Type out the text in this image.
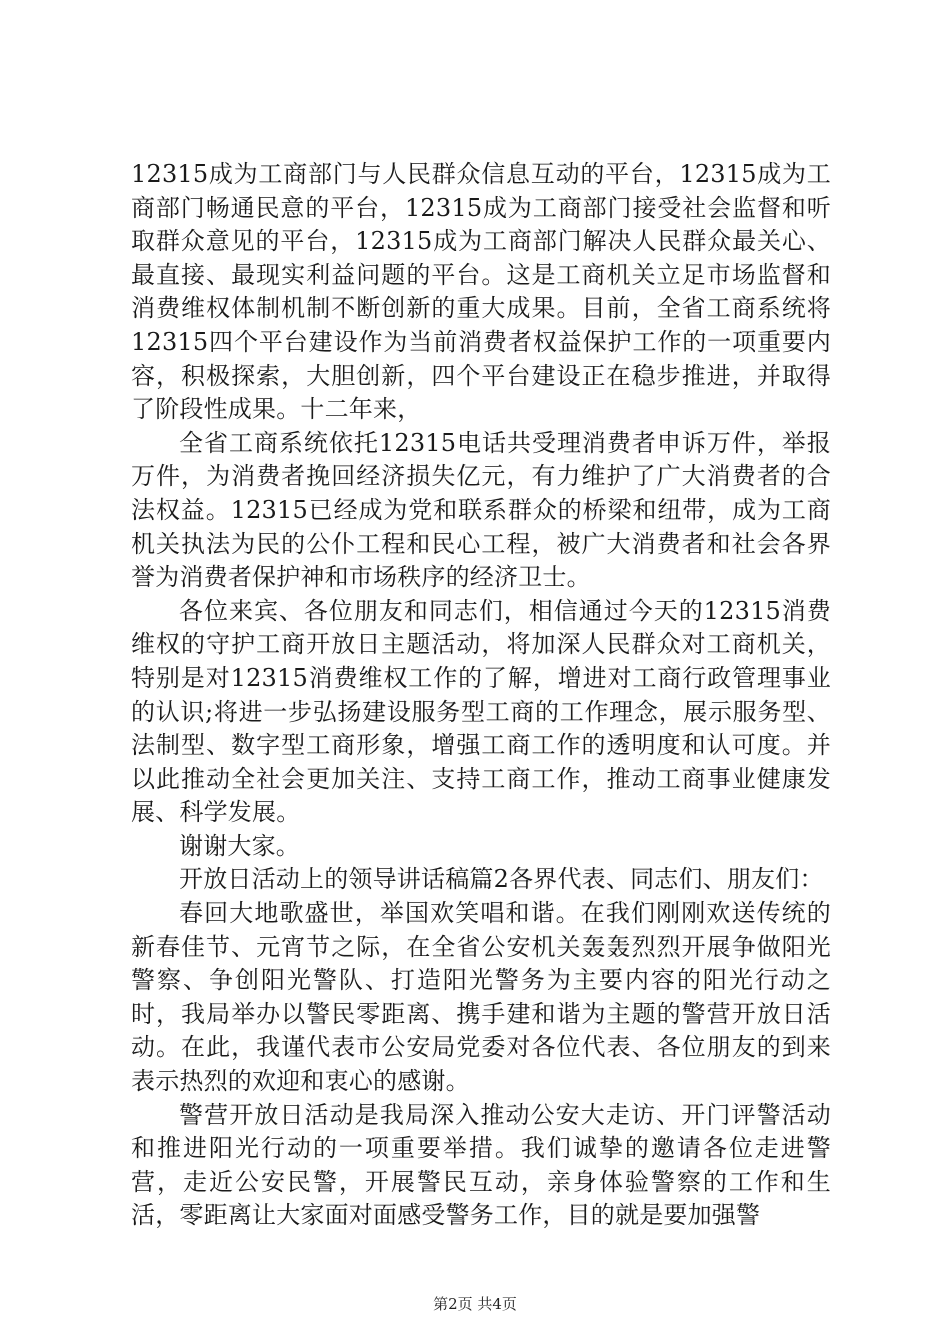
12315成为工商部门与人民群众信息互动的平台，12315成为工商部门畅通民意的平台，12315成为工商部门接受社会监督和听取群众意见的平台，12315成为工商部门解决人民群众最关心、最直接、最现实利益问题的平台。这是工商机关立足市场监督和消费维权体制机制不断创新的重大成果。目前，全省工商系统将12315四个平台建设作为当前消费者权益保护工作的一项重要内容，积极探索，大胆创新，四个平台建设正在稳步推进，并取得了阶段性成果。十二年来，

全省工商系统依托12315电话共受理消费者申诉万件，举报万件，为消费者挽回经济损失亿元，有力维护了广大消费者的合法权益。12315已经成为党和联系群众的桥梁和纽带，成为工商机关执法为民的公仆工程和民心工程，被广大消费者和社会各界誉为消费者保护神和市场秩序的经济卫士。

各位来宾、各位朋友和同志们，相信通过今天的12315消费维权的守护工商开放日主题活动，将加深人民群众对工商机关，特别是对12315消费维权工作的了解，增进对工商行政管理事业的认识;将进一步弘扬建设服务型工商的工作理念，展示服务型、法制型、数字型工商形象，增强工商工作的透明度和认可度。并以此推动全社会更加关注、支持工商工作，推动工商事业健康发展、科学发展。

谢谢大家。

开放日活动上的领导讲话稿篇2各界代表、同志们、朋友们：

春回大地歌盛世，举国欢笑唱和谐。在我们刚刚欢送传统的新春佳节、元宵节之际，在全省公安机关轰轰烈烈开展争做阳光警察、争创阳光警队、打造阳光警务为主要内容的阳光行动之时，我局举办以警民零距离、携手建和谐为主题的警营开放日活动。在此，我谨代表市公安局党委对各位代表、各位朋友的到来表示热烈的欢迎和衷心的感谢。

警营开放日活动是我局深入推动公安大走访、开门评警活动和推进阳光行动的一项重要举措。我们诚挚的邀请各位走进警营，走近公安民警，开展警民互动，亲身体验警察的工作和生活，零距离让大家面对面感受警务工作，目的就是要加强警

第2页 共4页
